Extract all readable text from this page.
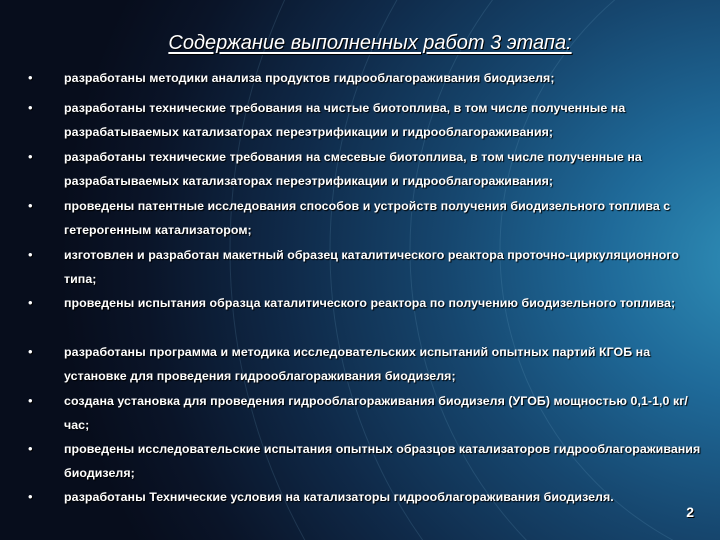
Содержание выполненных работ 3 этапа:
•	разработаны методики анализа продуктов гидрооблагораживания биодизеля;
•	разработаны технические требования на чистые биотоплива, в том числе полученные на разрабатываемых катализаторах переэтрификации и гидрооблагораживания;
•	разработаны технические требования на смесевые биотоплива, в том числе полученные на разрабатываемых катализаторах переэтрификации и гидрооблагораживания;
•	проведены патентные исследования способов и устройств получения биодизельного топлива с гетерогенным катализатором;
•	изготовлен и разработан макетный образец каталитического реактора проточно-циркуляционного типа;
•	проведены испытания образца каталитического реактора по получению биодизельного топлива;
•	разработаны программа и методика исследовательских испытаний опытных партий КГОБ на установке для проведения гидрооблагораживания биодизеля;
•	создана установка для проведения гидрооблагораживания биодизеля (УГОБ) мощностью 0,1-1,0 кг/час;
•	проведены исследовательские испытания опытных образцов катализаторов гидрооблагораживания биодизеля;
•	разработаны Технические условия на катализаторы гидрооблагораживания биодизеля.
2
